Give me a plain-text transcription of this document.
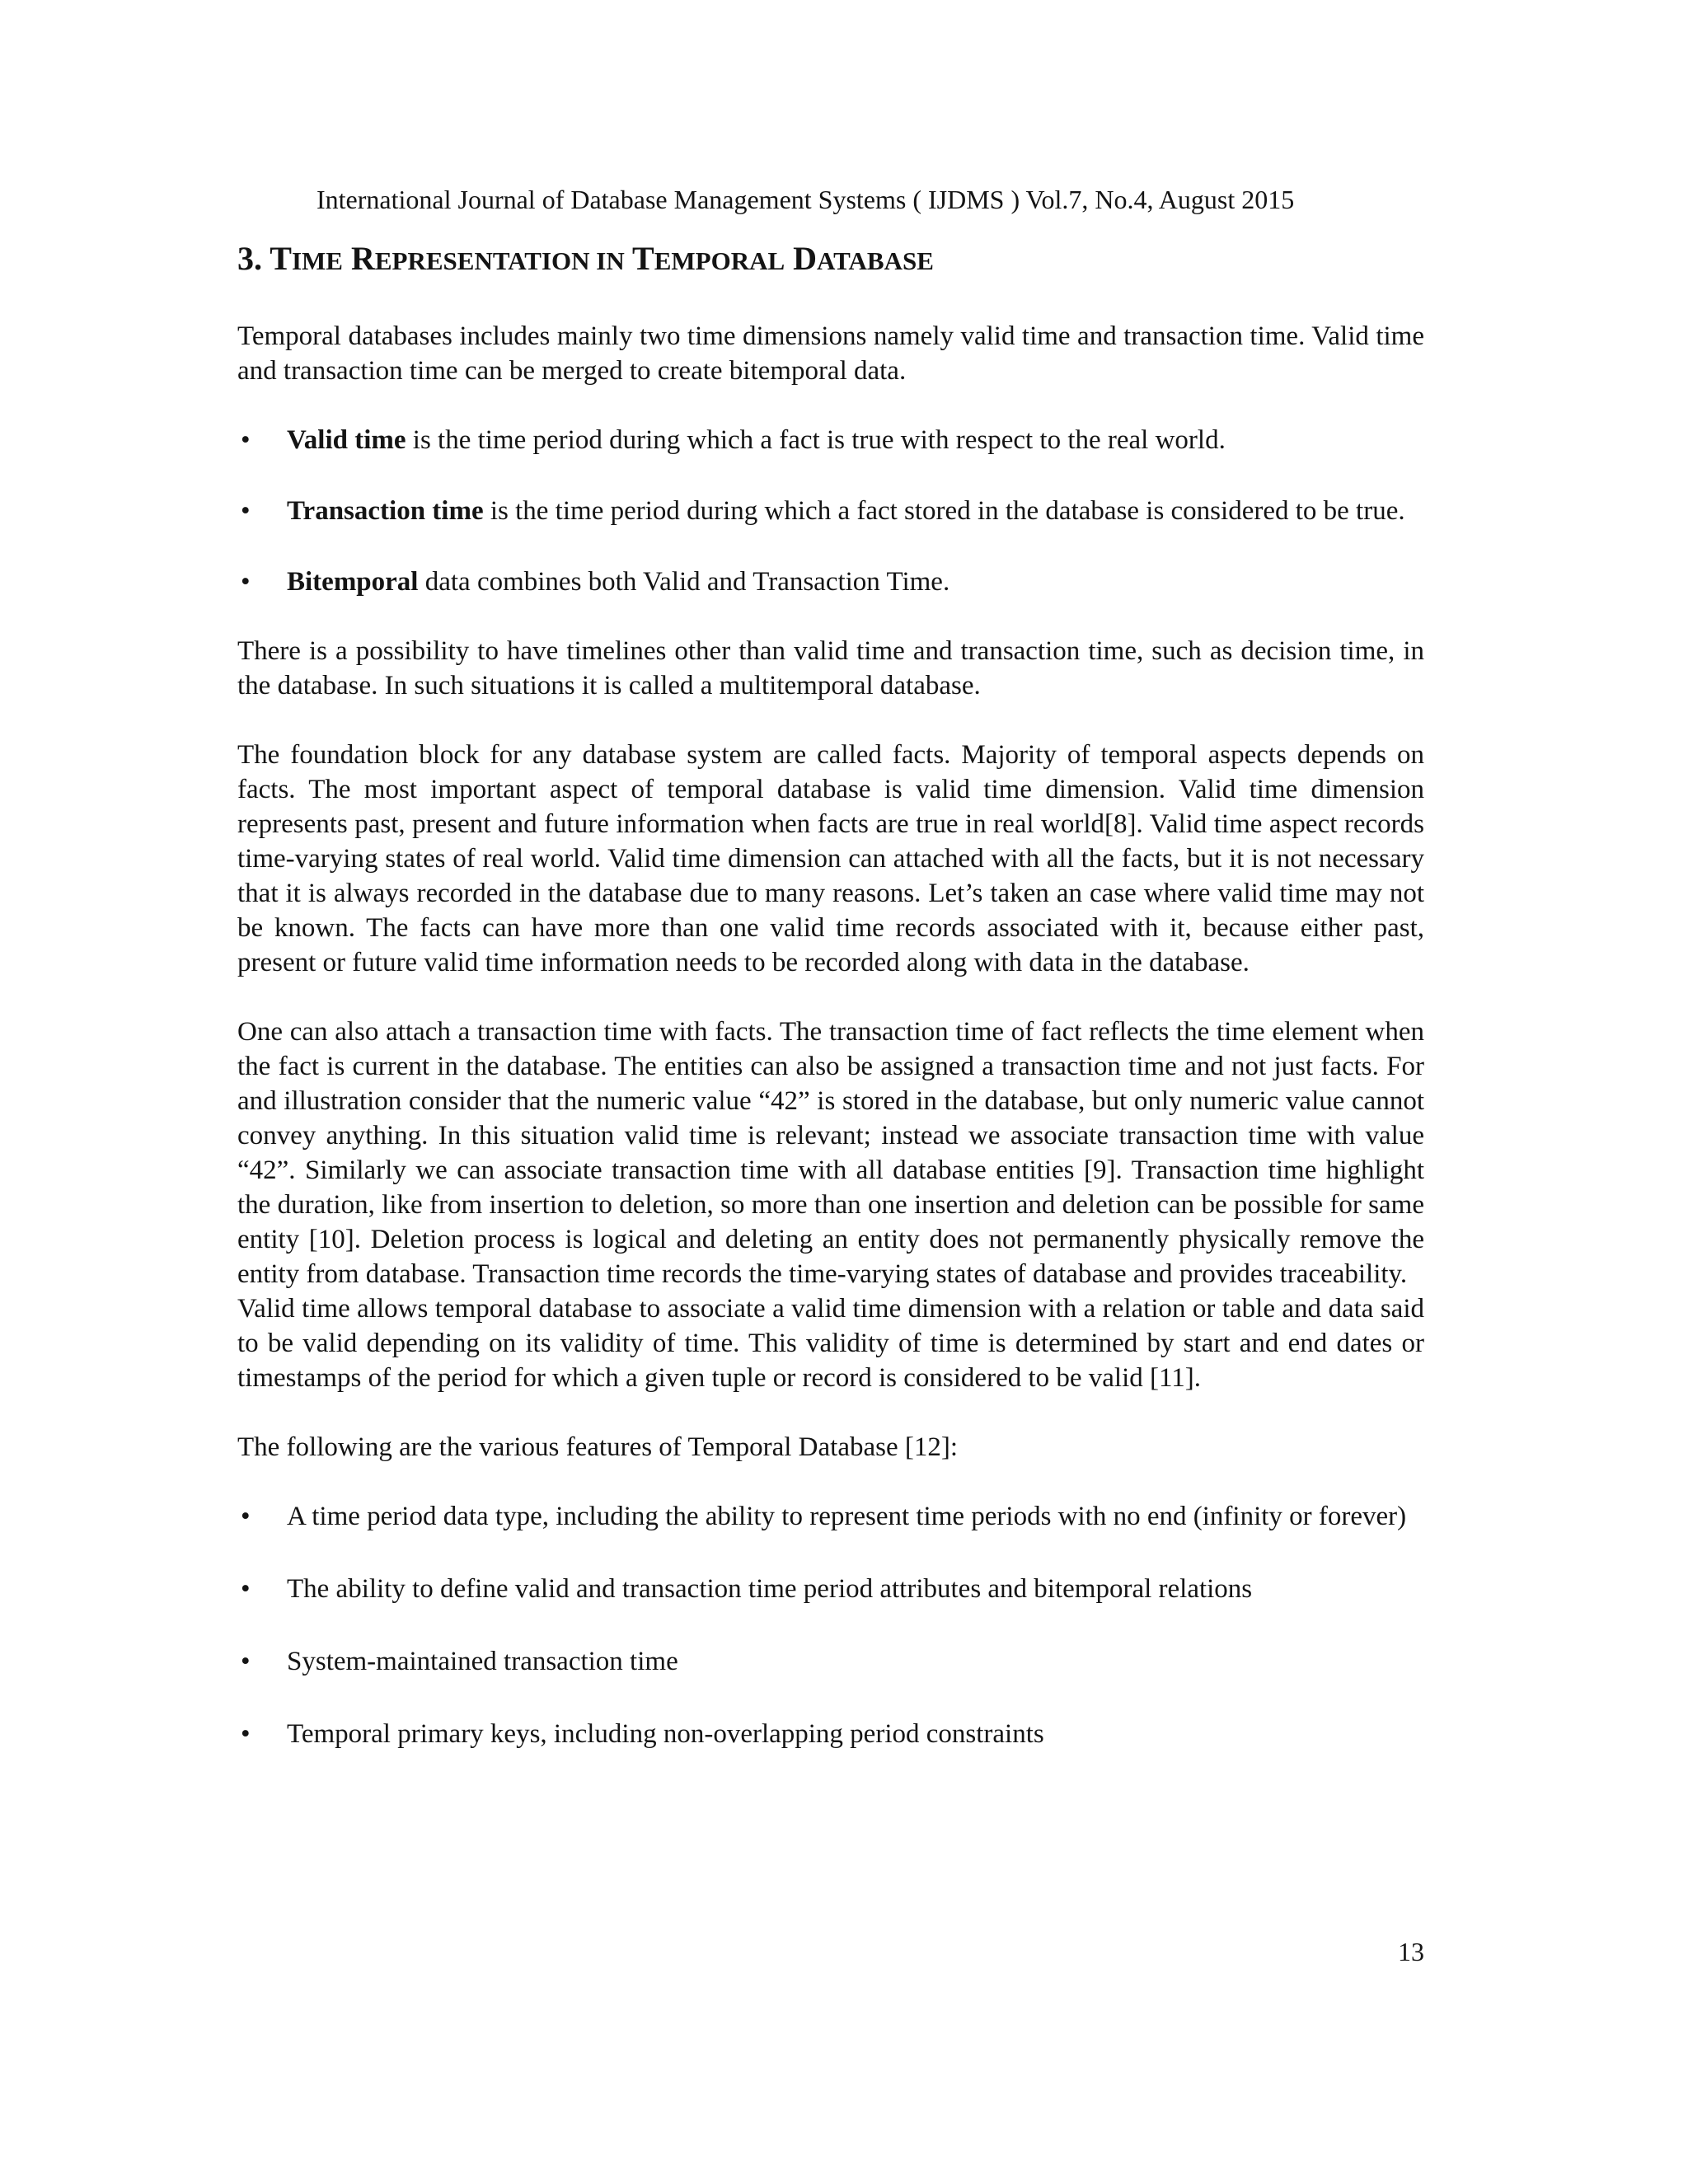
International Journal of Database Management Systems ( IJDMS ) Vol.7, No.4, August 2015
3. TIME REPRESENTATION IN TEMPORAL DATABASE

Temporal databases includes mainly two time dimensions namely valid time and transaction time. Valid time and transaction time can be merged to create bitemporal data.

• Valid time is the time period during which a fact is true with respect to the real world.
• Transaction time is the time period during which a fact stored in the database is considered to be true.
• Bitemporal data combines both Valid and Transaction Time.

There is a possibility to have timelines other than valid time and transaction time, such as decision time, in the database. In such situations it is called a multitemporal database.

The foundation block for any database system are called facts. Majority of temporal aspects depends on facts. The most important aspect of temporal database is valid time dimension. Valid time dimension represents past, present and future information when facts are true in real world[8]. Valid time aspect records time-varying states of real world. Valid time dimension can attached with all the facts, but it is not necessary that it is always recorded in the database due to many reasons. Let’s taken an case where valid time may not be known. The facts can have more than one valid time records associated with it, because either past, present or future valid time information needs to be recorded along with data in the database.

One can also attach a transaction time with facts. The transaction time of fact reflects the time element when the fact is current in the database. The entities can also be assigned a transaction time and not just facts. For and illustration consider that the numeric value “42” is stored in the database, but only numeric value cannot convey anything. In this situation valid time is relevant; instead we associate transaction time with value “42”. Similarly we can associate transaction time with all database entities [9]. Transaction time highlight the duration, like from insertion to deletion, so more than one insertion and deletion can be possible for same entity [10]. Deletion process is logical and deleting an entity does not permanently physically remove the entity from database. Transaction time records the time-varying states of database and provides traceability.

Valid time allows temporal database to associate a valid time dimension with a relation or table and data said to be valid depending on its validity of time. This validity of time is determined by start and end dates or timestamps of the period for which a given tuple or record is considered to be valid [11].

The following are the various features of Temporal Database [12]:

• A time period data type, including the ability to represent time periods with no end (infinity or forever)
• The ability to define valid and transaction time period attributes and bitemporal relations
• System-maintained transaction time
• Temporal primary keys, including non-overlapping period constraints
13
